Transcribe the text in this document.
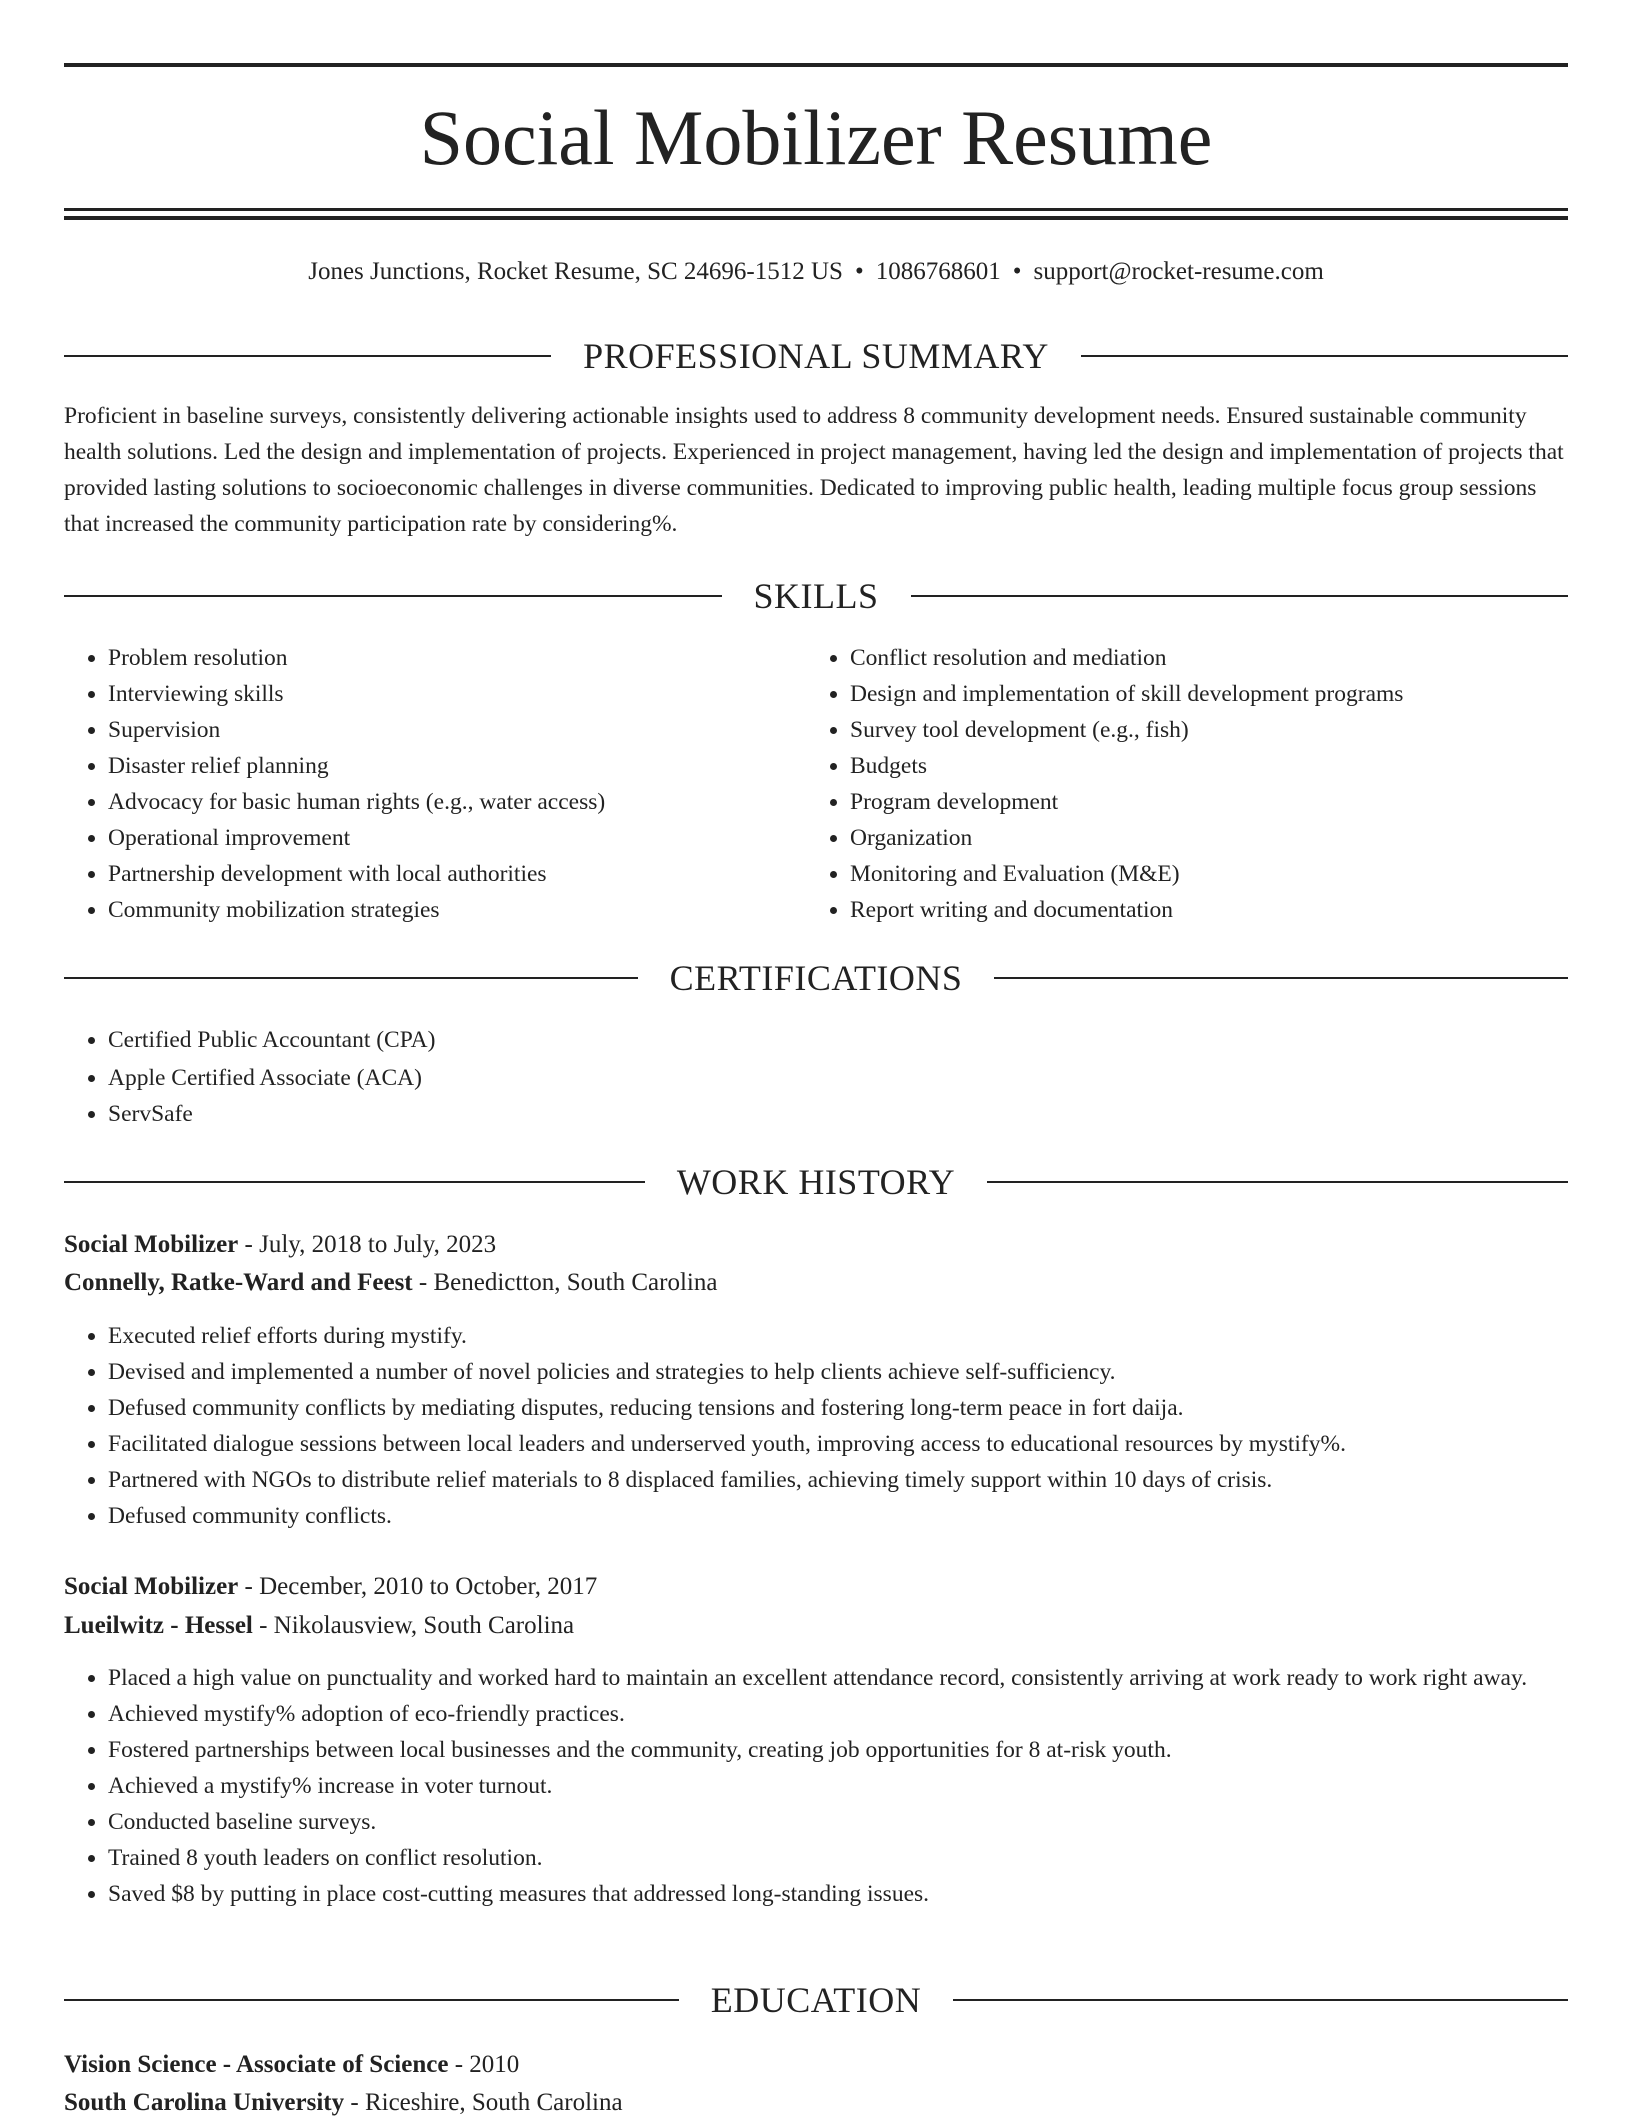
Social Mobilizer Resume
Jones Junctions, Rocket Resume, SC 24696-1512 US • 1086768601 • support@rocket-resume.com
PROFESSIONAL SUMMARY

Proficient in baseline surveys, consistently delivering actionable insights used to address 8 community development needs. Ensured sustainable community health solutions. Led the design and implementation of projects. Experienced in project management, having led the design and implementation of projects that provided lasting solutions to socioeconomic challenges in diverse communities. Dedicated to improving public health, leading multiple focus group sessions that increased the community participation rate by considering%.

SKILLS
• Problem resolution
• Interviewing skills
• Supervision
• Disaster relief planning
• Advocacy for basic human rights (e.g., water access)
• Operational improvement
• Partnership development with local authorities
• Community mobilization strategies
• Conflict resolution and mediation
• Design and implementation of skill development programs
• Survey tool development (e.g., fish)
• Budgets
• Program development
• Organization
• Monitoring and Evaluation (M&E)
• Report writing and documentation
CERTIFICATIONS
• Certified Public Accountant (CPA)
• Apple Certified Associate (ACA)
• ServSafe
WORK HISTORY
Social Mobilizer - July, 2018 to July, 2023
Connelly, Ratke-Ward and Feest - Benedictton, South Carolina
• Executed relief efforts during mystify.
• Devised and implemented a number of novel policies and strategies to help clients achieve self-sufficiency.
• Defused community conflicts by mediating disputes, reducing tensions and fostering long-term peace in fort daija.
• Facilitated dialogue sessions between local leaders and underserved youth, improving access to educational resources by mystify%.
• Partnered with NGOs to distribute relief materials to 8 displaced families, achieving timely support within 10 days of crisis.
• Defused community conflicts.
Social Mobilizer - December, 2010 to October, 2017
Lueilwitz - Hessel - Nikolausview, South Carolina
• Placed a high value on punctuality and worked hard to maintain an excellent attendance record, consistently arriving at work ready to work right away.
• Achieved mystify% adoption of eco-friendly practices.
• Fostered partnerships between local businesses and the community, creating job opportunities for 8 at-risk youth.
• Achieved a mystify% increase in voter turnout.
• Conducted baseline surveys.
• Trained 8 youth leaders on conflict resolution.
• Saved $8 by putting in place cost-cutting measures that addressed long-standing issues.
EDUCATION
Vision Science - Associate of Science - 2010
South Carolina University - Riceshire, South Carolina
